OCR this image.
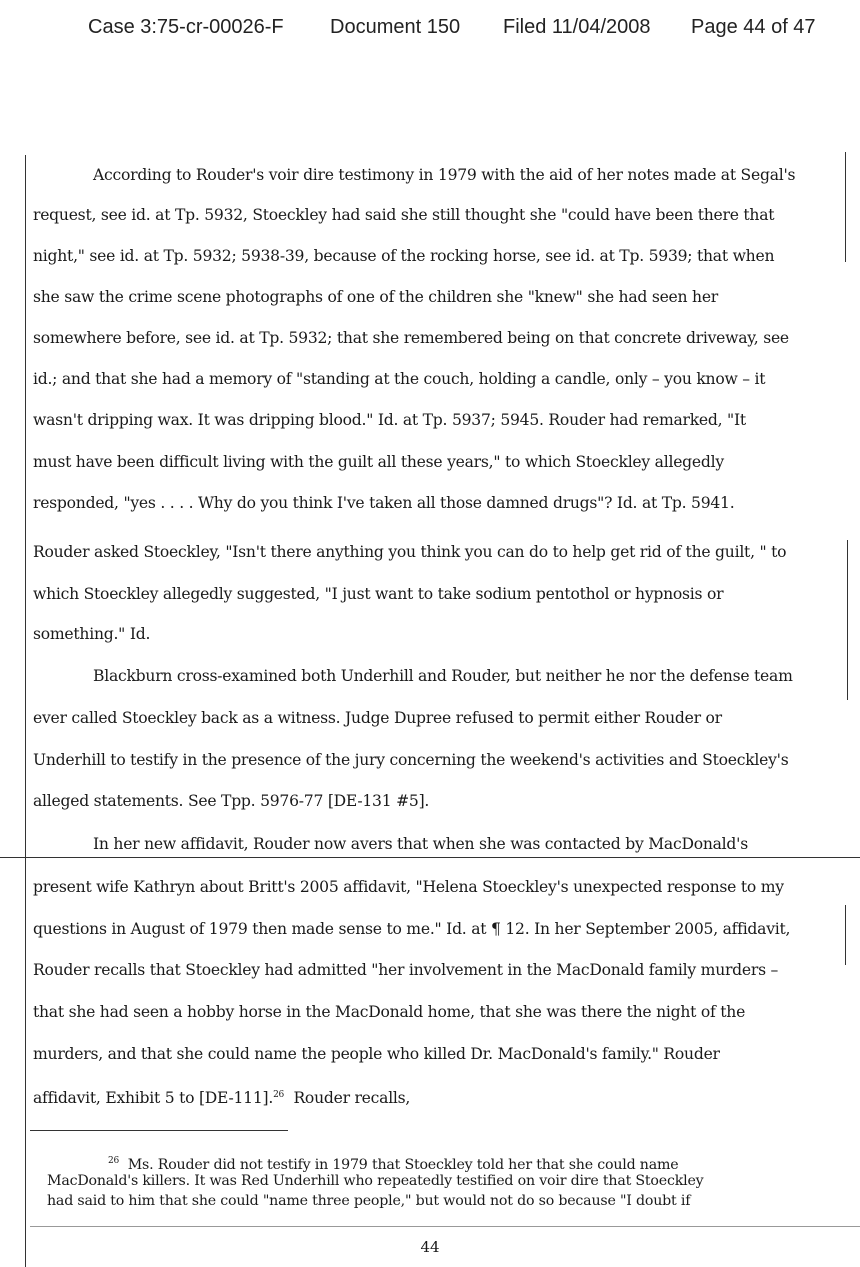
Case 3:75-cr-00026-F Document 150 Filed 11/04/2008 Page 44 of 47
According to Rouder's voir dire testimony in 1979 with the aid of her notes made at Segal's
request, see id. at Tp. 5932, Stoeckley had said she still thought she "could have been there that
night," see id. at Tp. 5932; 5938-39, because of the rocking horse, see id. at Tp. 5939; that when
she saw the crime scene photographs of one of the children she "knew" she had seen her
somewhere before, see id. at Tp. 5932; that she remembered being on that concrete driveway, see
id.; and that she had a memory of "standing at the couch, holding a candle, only – you know – it
wasn't dripping wax. It was dripping blood." Id. at Tp. 5937; 5945. Rouder had remarked, "It
must have been difficult living with the guilt all these years," to which Stoeckley allegedly
responded, "yes . . . . Why do you think I've taken all those damned drugs"? Id. at Tp. 5941.
Rouder asked Stoeckley, "Isn't there anything you think you can do to help get rid of the guilt, " to
which Stoeckley allegedly suggested, "I just want to take sodium pentothol or hypnosis or
something." Id.
Blackburn cross-examined both Underhill and Rouder, but neither he nor the defense team
ever called Stoeckley back as a witness. Judge Dupree refused to permit either Rouder or
Underhill to testify in the presence of the jury concerning the weekend's activities and Stoeckley's
alleged statements. See Tpp. 5976-77 [DE-131 #5].
In her new affidavit, Rouder now avers that when she was contacted by MacDonald's
present wife Kathryn about Britt's 2005 affidavit, "Helena Stoeckley's unexpected response to my
questions in August of 1979 then made sense to me." Id. at ¶ 12. In her September 2005, affidavit,
Rouder recalls that Stoeckley had admitted "her involvement in the MacDonald family murders –
that she had seen a hobby horse in the MacDonald home, that she was there the night of the
murders, and that she could name the people who killed Dr. MacDonald's family." Rouder
affidavit, Exhibit 5 to [DE-111].$^{26}$ Rouder recalls,
$^{26}$ Ms. Rouder did not testify in 1979 that Stoeckley told her that she could name
MacDonald's killers. It was Red Underhill who repeatedly testified on voir dire that Stoeckley
had said to him that she could "name three people," but would not do so because "I doubt if
44
